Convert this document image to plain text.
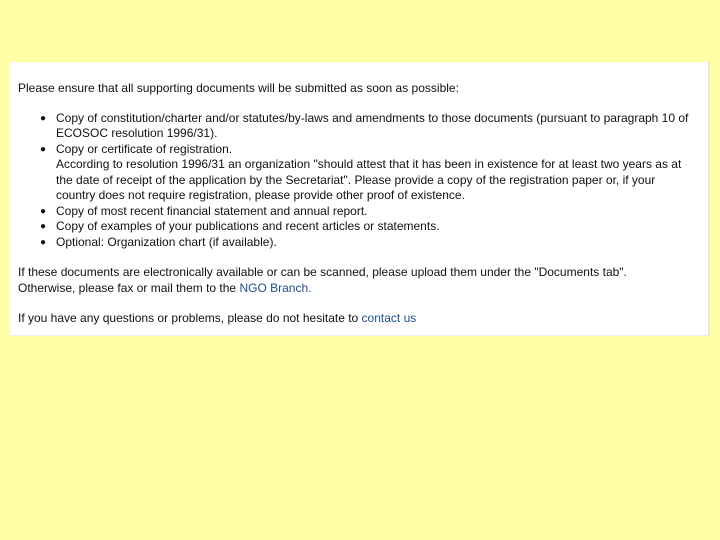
Please ensure that all supporting documents will be submitted as soon as possible:

● Copy of constitution/charter and/or statutes/by-laws and amendments to those documents (pursuant to paragraph 10 of ECOSOC resolution 1996/31).
● Copy or certificate of registration.
According to resolution 1996/31 an organization "should attest that it has been in existence for at least two years as at the date of receipt of the application by the Secretariat". Please provide a copy of the registration paper or, if your country does not require registration, please provide other proof of existence.
● Copy of most recent financial statement and annual report.
● Copy of examples of your publications and recent articles or statements.
● Optional: Organization chart (if available).

If these documents are electronically available or can be scanned, please upload them under the "Documents tab".
Otherwise, please fax or mail them to the NGO Branch.

If you have any questions or problems, please do not hesitate to contact us
